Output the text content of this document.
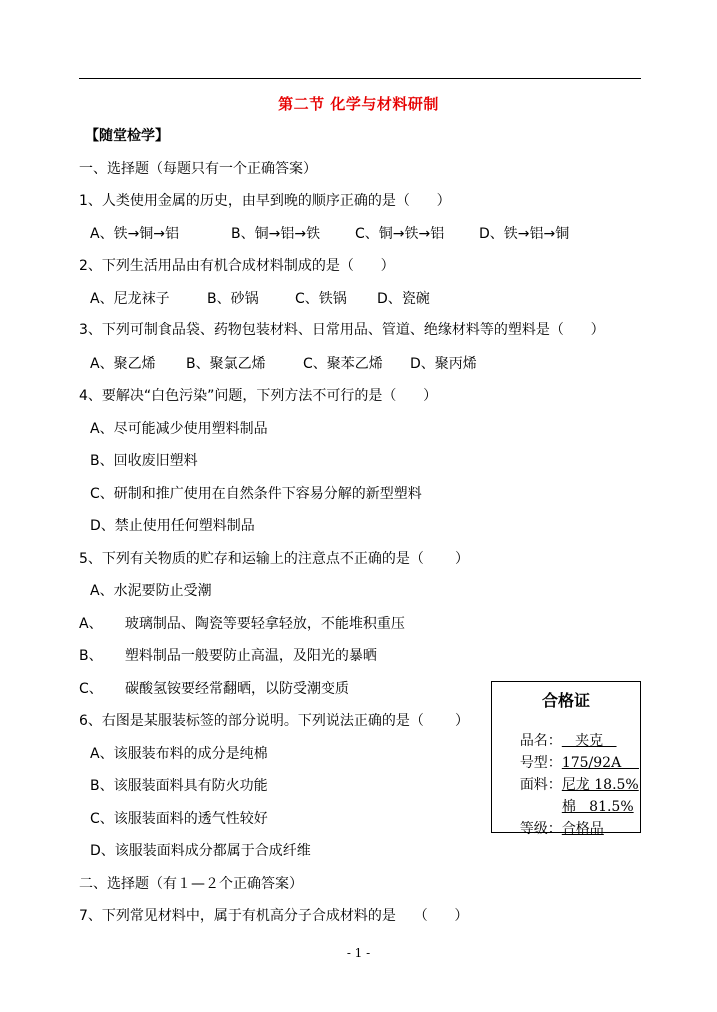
第二节 化学与材料研制
【随堂检学】
一、选择题（每题只有一个正确答案）
1、人类使用金属的历史，由早到晚的顺序正确的是（      ）
A、铁→铜→铝	B、铜→铝→铁 C、铜→铁→铝 D、铁→铝→铜
2、下列生活用品由有机合成材料制成的是（      ）
A、尼龙袜子	B、砂锅	C、铁锅 D、瓷碗
3、下列可制食品袋、药物包装材料、日常用品、管道、绝缘材料等的塑料是（      ）
A、聚乙烯 B、聚氯乙烯	C、聚苯乙烯 D、聚丙烯
4、要解决“白色污染”问题，下列方法不可行的是（      ）
A、尽可能减少使用塑料制品
B、回收废旧塑料
C、研制和推广使用在自然条件下容易分解的新型塑料
D、禁止使用任何塑料制品
5、下列有关物质的贮存和运输上的注意点不正确的是（       ）
A、水泥要防止受潮
A、     玻璃制品、陶瓷等要轻拿轻放，不能堆积重压
B、     塑料制品一般要防止高温，及阳光的暴晒
C、     碳酸氢铵要经常翻晒，以防受潮变质
6、右图是某服装标签的部分说明。下列说法正确的是（       ）
A、该服装布料的成分是纯棉
B、该服装面料具有防火功能
C、该服装面料的透气性较好
D、该服装面料成分都属于合成纤维
二、选择题（有１—２个正确答案）
7、下列常见材料中，属于有机高分子合成材料的是    （      ）
合格证

品名：   夹克

号型：175/92A

面料：尼龙 18.5%

棉   81.5%

等级：合格品

- 1 -
